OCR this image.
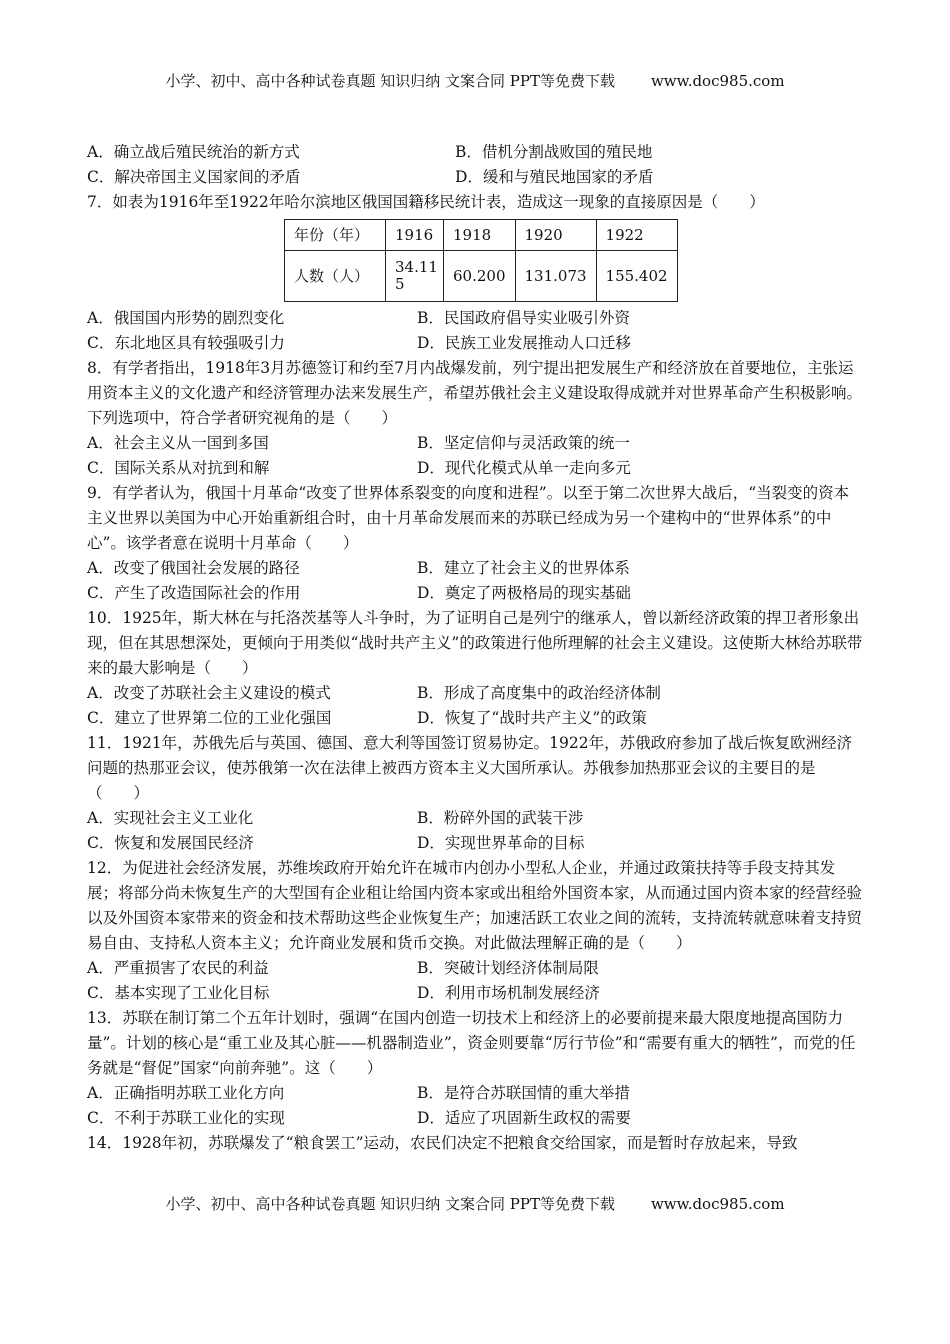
小学、初中、高中各种试卷真题 知识归纳 文案合同 PPT等免费下载 www.doc985.com
A．确立战后殖民统治的新方式	B．借机分割战败国的殖民地
C．解决帝国主义国家间的矛盾	D．缓和与殖民地国家的矛盾
7．如表为1916年至1922年哈尔滨地区俄国国籍移民统计表，造成这一现象的直接原因是（　　）
年份（年）	1916	1918	1920	1922
人数（人）	34.115	60.200	131.073	155.402
A．俄国国内形势的剧烈变化	B．民国政府倡导实业吸引外资
C．东北地区具有较强吸引力	D．民族工业发展推动人口迁移
8．有学者指出，1918年3月苏德签订和约至7月内战爆发前，列宁提出把发展生产和经济放在首要地位，主张运用资本主义的文化遗产和经济管理办法来发展生产，希望苏俄社会主义建设取得成就并对世界革命产生积极影响。下列选项中，符合学者研究视角的是（　　）
A．社会主义从一国到多国	B．坚定信仰与灵活政策的统一
C．国际关系从对抗到和解	D．现代化模式从单一走向多元
9．有学者认为，俄国十月革命“改变了世界体系裂变的向度和进程”。以至于第二次世界大战后，“当裂变的资本主义世界以美国为中心开始重新组合时，由十月革命发展而来的苏联已经成为另一个建构中的“世界体系”的中心”。该学者意在说明十月革命（　　）
A．改变了俄国社会发展的路径	B．建立了社会主义的世界体系
C．产生了改造国际社会的作用	D．奠定了两极格局的现实基础
10．1925年，斯大林在与托洛茨基等人斗争时，为了证明自己是列宁的继承人，曾以新经济政策的捍卫者形象出现，但在其思想深处，更倾向于用类似“战时共产主义”的政策进行他所理解的社会主义建设。这使斯大林给苏联带来的最大影响是（　　）
A．改变了苏联社会主义建设的模式	B．形成了高度集中的政治经济体制
C．建立了世界第二位的工业化强国	D．恢复了“战时共产主义”的政策
11．1921年，苏俄先后与英国、德国、意大利等国签订贸易协定。1922年，苏俄政府参加了战后恢复欧洲经济问题的热那亚会议，使苏俄第一次在法律上被西方资本主义大国所承认。苏俄参加热那亚会议的主要目的是（　　）
A．实现社会主义工业化	B．粉碎外国的武装干涉
C．恢复和发展国民经济	D．实现世界革命的目标
12．为促进社会经济发展，苏维埃政府开始允许在城市内创办小型私人企业，并通过政策扶持等手段支持其发展；将部分尚未恢复生产的大型国有企业租让给国内资本家或出租给外国资本家，从而通过国内资本家的经营经验以及外国资本家带来的资金和技术帮助这些企业恢复生产；加速活跃工农业之间的流转，支持流转就意味着支持贸易自由、支持私人资本主义；允许商业发展和货币交换。对此做法理解正确的是（　　）
A．严重损害了农民的利益	B．突破计划经济体制局限
C．基本实现了工业化目标	D．利用市场机制发展经济
13．苏联在制订第二个五年计划时，强调“在国内创造一切技术上和经济上的必要前提来最大限度地提高国防力量”。计划的核心是“重工业及其心脏——机器制造业”，资金则要靠“厉行节俭”和“需要有重大的牺牲”，而党的任务就是“督促”国家“向前奔驰”。这（　　）
A．正确指明苏联工业化方向	B．是符合苏联国情的重大举措
C．不利于苏联工业化的实现	D．适应了巩固新生政权的需要
14．1928年初，苏联爆发了“粮食罢工”运动，农民们决定不把粮食交给国家，而是暂时存放起来，导致
小学、初中、高中各种试卷真题 知识归纳 文案合同 PPT等免费下载 www.doc985.com
